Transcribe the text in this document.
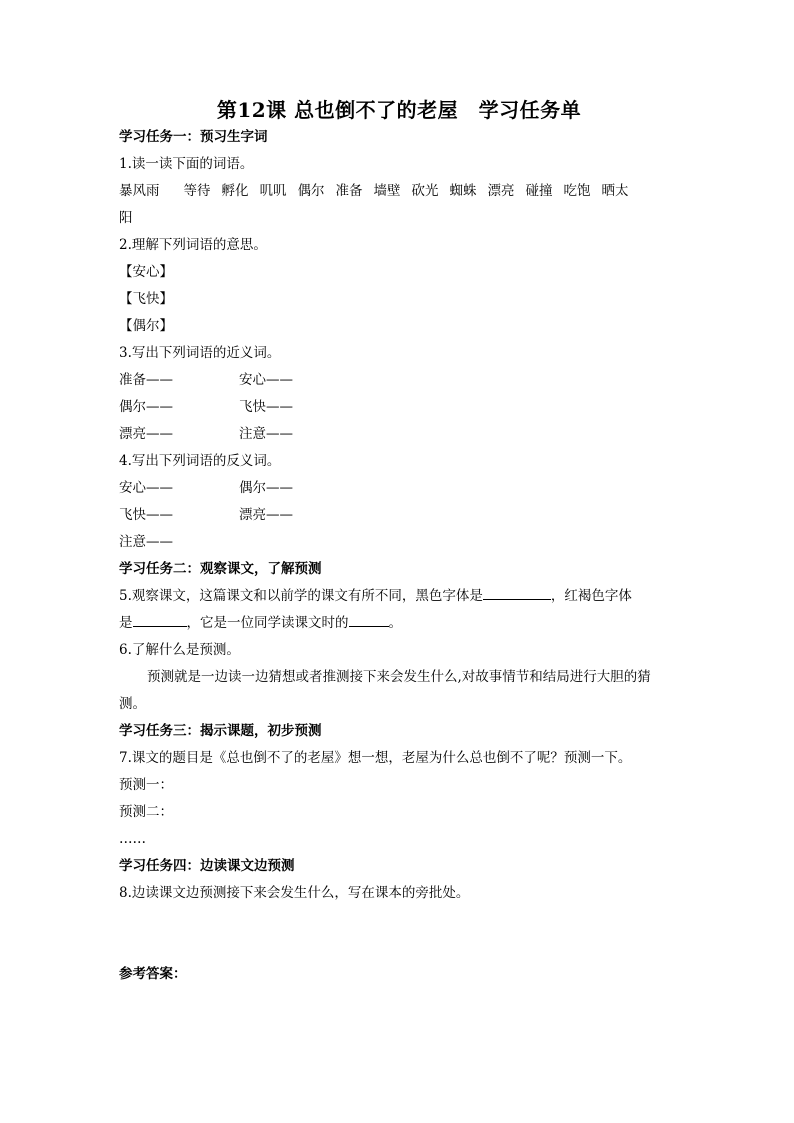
第12课 总也倒不了的老屋　学习任务单
学习任务一：预习生字词
1.读一读下面的词语。
暴风雨 等待 孵化 叽叽 偶尔 准备 墙壁 砍光 蜘蛛 漂亮 碰撞 吃饱 晒太
阳
2.理解下列词语的意思。
【安心】
【飞快】
【偶尔】
3.写出下列词语的近义词。
准备——	安心——
偶尔——	飞快——
漂亮——	注意——
4.写出下列词语的反义词。
安心——	偶尔——
飞快——	漂亮——
注意——
学习任务二：观察课文，了解预测
5.观察课文，这篇课文和以前学的课文有所不同，黑色字体是	，红褐色字体
是	，它是一位同学读课文时的	。
6.了解什么是预测。
预测就是一边读一边猜想或者推测接下来会发生什么,对故事情节和结局进行大胆的猜
测。
学习任务三：揭示课题，初步预测
7.课文的题目是《总也倒不了的老屋》想一想，老屋为什么总也倒不了呢？预测一下。
预测一：
预测二：
……
学习任务四：边读课文边预测
8.边读课文边预测接下来会发生什么，写在课本的旁批处。
参考答案：
